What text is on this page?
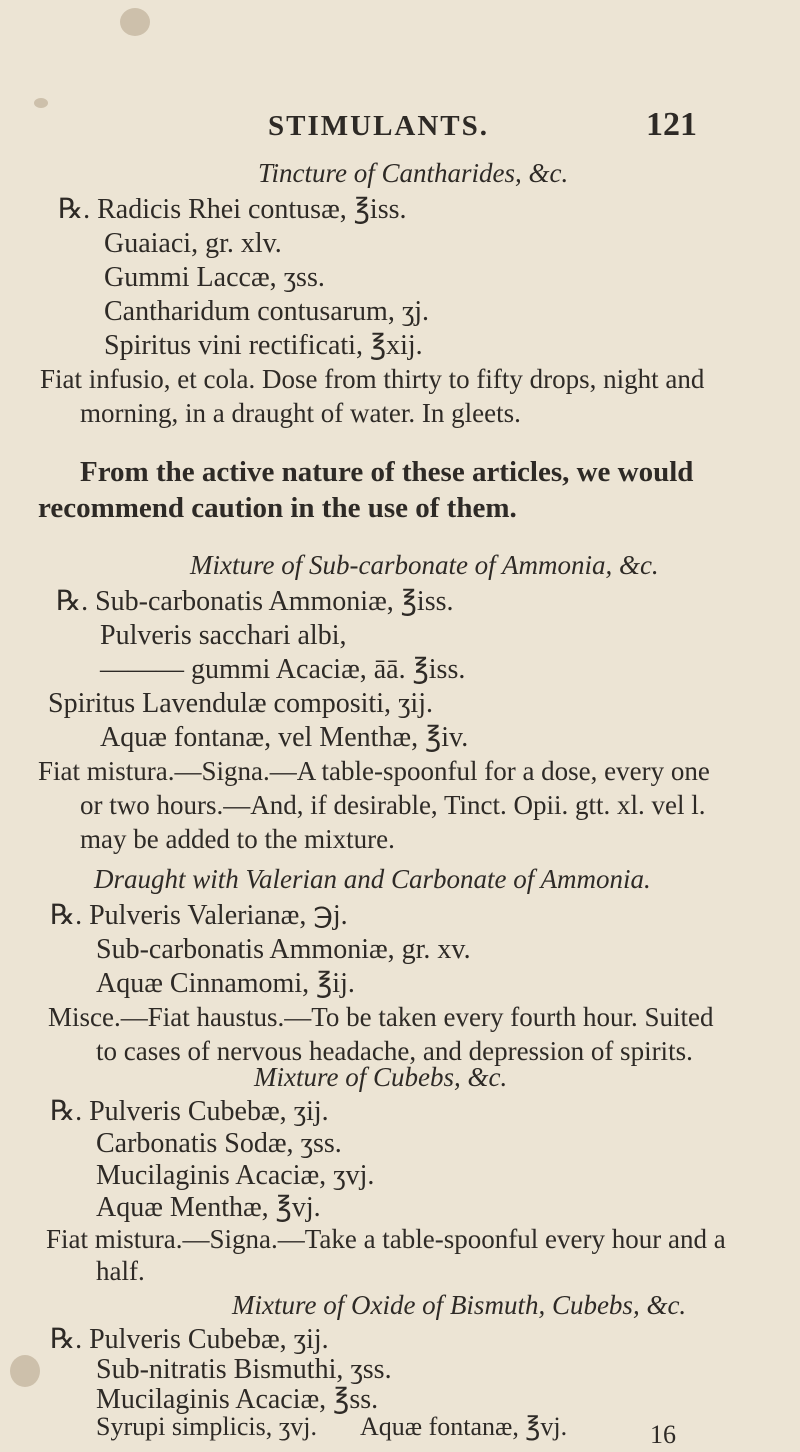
STIMULANTS.	121
Tincture of Cantharides, &c.
℞. Radicis Rhei contusæ, ℥iss.
Guaiaci, gr. xlv.
Gummi Laccæ, ʒss.
Cantharidum contusarum, ʒj.
Spiritus vini rectificati, ℥xij.
Fiat infusio, et cola. Dose from thirty to fifty drops, night and
morning, in a draught of water. In gleets.
From the active nature of these articles, we would
recommend caution in the use of them.
Mixture of Sub-carbonate of Ammonia, &c.
℞. Sub-carbonatis Ammoniæ, ℥iss.
Pulveris sacchari albi,
——— gummi Acaciæ, āā. ℥iss.
Spiritus Lavendulæ compositi, ʒij.
Aquæ fontanæ, vel Menthæ, ℥iv.
Fiat mistura.—Signa.—A table-spoonful for a dose, every one
or two hours.—And, if desirable, Tinct. Opii. gtt. xl. vel l.
may be added to the mixture.
Draught with Valerian and Carbonate of Ammonia.
℞. Pulveris Valerianæ, ℈j.
Sub-carbonatis Ammoniæ, gr. xv.
Aquæ Cinnamomi, ℥ij.
Misce.—Fiat haustus.—To be taken every fourth hour. Suited
to cases of nervous headache, and depression of spirits.
Mixture of Cubebs, &c.
℞. Pulveris Cubebæ, ʒij.
Carbonatis Sodæ, ʒss.
Mucilaginis Acaciæ, ʒvj.
Aquæ Menthæ, ℥vj.
Fiat mistura.—Signa.—Take a table-spoonful every hour and a
half.
Mixture of Oxide of Bismuth, Cubebs, &c.
℞. Pulveris Cubebæ, ʒij.
Sub-nitratis Bismuthi, ʒss.
Mucilaginis Acaciæ, ℥ss.
Syrupi simplicis, ʒvj.	16
Aquæ fontanæ, ℥vj.
